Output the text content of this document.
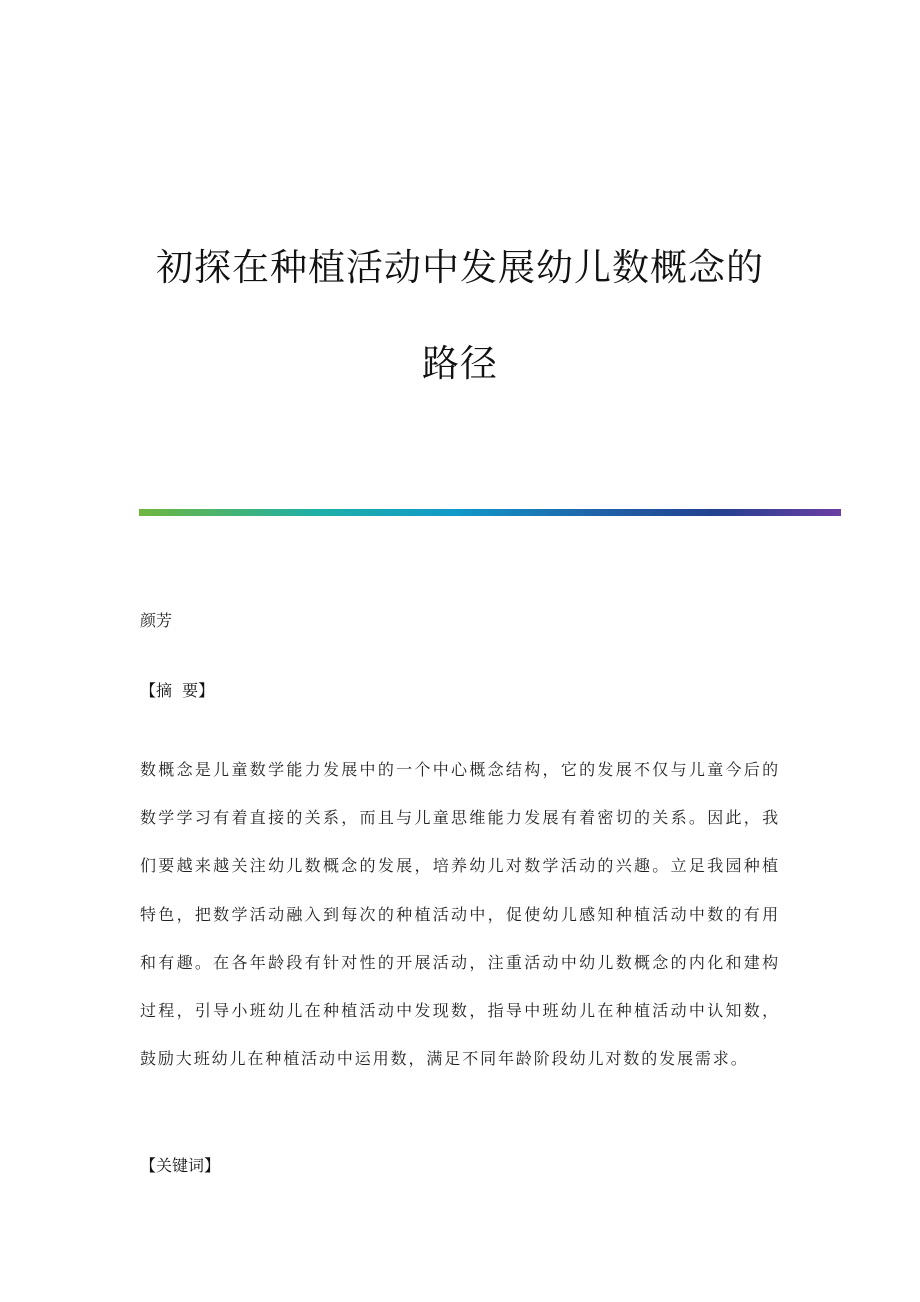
初探在种植活动中发展幼儿数概念的路径
颜芳
【摘  要】

数概念是儿童数学能力发展中的一个中心概念结构，它的发展不仅与儿童今后的数学学习有着直接的关系，而且与儿童思维能力发展有着密切的关系。因此，我们要越来越关注幼儿数概念的发展，培养幼儿对数学活动的兴趣。立足我园种植特色，把数学活动融入到每次的种植活动中，促使幼儿感知种植活动中数的有用和有趣。在各年龄段有针对性的开展活动，注重活动中幼儿数概念的内化和建构过程，引导小班幼儿在种植活动中发现数，指导中班幼儿在种植活动中认知数，鼓励大班幼儿在种植活动中运用数，满足不同年龄阶段幼儿对数的发展需求。

【关键词】
